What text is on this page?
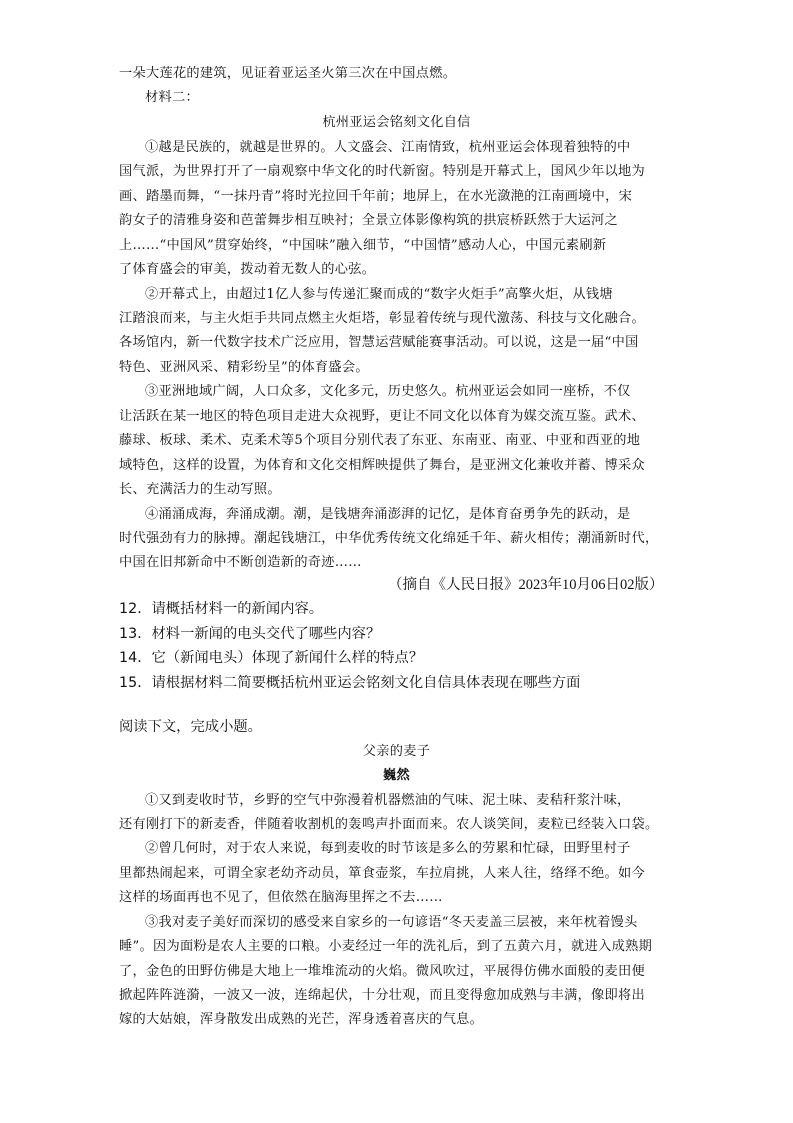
一朵大莲花的建筑，见证着亚运圣火第三次在中国点燃。
材料二：
杭州亚运会铭刻文化自信
①越是民族的，就越是世界的。人文盛会、江南情致，杭州亚运会体现着独特的中
国气派，为世界打开了一扇观察中华文化的时代新窗。特别是开幕式上，国风少年以地为
画、踏墨而舞，“一抹丹青”将时光拉回千年前；地屏上，在水光潋滟的江南画境中，宋
韵女子的清雅身姿和芭蕾舞步相互映衬；全景立体影像构筑的拱宸桥跃然于大运河之
上……“中国风”贯穿始终，“中国味”融入细节，“中国情”感动人心，中国元素刷新
了体育盛会的审美，拨动着无数人的心弦。
②开幕式上，由超过1亿人参与传递汇聚而成的“数字火炬手”高擎火炬，从钱塘
江踏浪而来，与主火炬手共同点燃主火炬塔，彰显着传统与现代激荡、科技与文化融合。
各场馆内，新一代数字技术广泛应用，智慧运营赋能赛事活动。可以说，这是一届“中国
特色、亚洲风采、精彩纷呈”的体育盛会。
③亚洲地域广阔，人口众多，文化多元，历史悠久。杭州亚运会如同一座桥，不仅
让活跃在某一地区的特色项目走进大众视野，更让不同文化以体育为媒交流互鉴。武术、
藤球、板球、柔术、克柔术等5个项目分别代表了东亚、东南亚、南亚、中亚和西亚的地
域特色，这样的设置，为体育和文化交相辉映提供了舞台，是亚洲文化兼收并蓄、博采众
长、充满活力的生动写照。
④涌涌成海，奔涌成潮。潮，是钱塘奔涌澎湃的记忆，是体育奋勇争先的跃动，是
时代强劲有力的脉搏。潮起钱塘江，中华优秀传统文化绵延千年、薪火相传；潮涌新时代，
中国在旧邦新命中不断创造新的奇迹……
（摘自《人民日报》2023年10月06日02版）
12．请概括材料一的新闻内容。
13．材料一新闻的电头交代了哪些内容？
14．它（新闻电头）体现了新闻什么样的特点？
15．请根据材料二简要概括杭州亚运会铭刻文化自信具体表现在哪些方面
阅读下文，完成小题。
父亲的麦子
巍然
①又到麦收时节，乡野的空气中弥漫着机器燃油的气味、泥土味、麦秸秆浆汁味，
还有刚打下的新麦香，伴随着收割机的轰鸣声扑面而来。农人谈笑间，麦粒已经装入口袋。
②曾几何时，对于农人来说，每到麦收的时节该是多么的劳累和忙碌，田野里村子
里都热闹起来，可谓全家老幼齐动员，箪食壶浆，车拉肩挑，人来人往，络绎不绝。如今
这样的场面再也不见了，但依然在脑海里挥之不去……
③我对麦子美好而深切的感受来自家乡的一句谚语“冬天麦盖三层被，来年枕着馒头
睡”。因为面粉是农人主要的口粮。小麦经过一年的洗礼后，到了五黄六月，就进入成熟期
了，金色的田野仿佛是大地上一堆堆流动的火焰。微风吹过，平展得仿佛水面般的麦田便
掀起阵阵涟漪，一波又一波，连绵起伏，十分壮观，而且变得愈加成熟与丰满，像即将出
嫁的大姑娘，浑身散发出成熟的光芒，浑身透着喜庆的气息。
